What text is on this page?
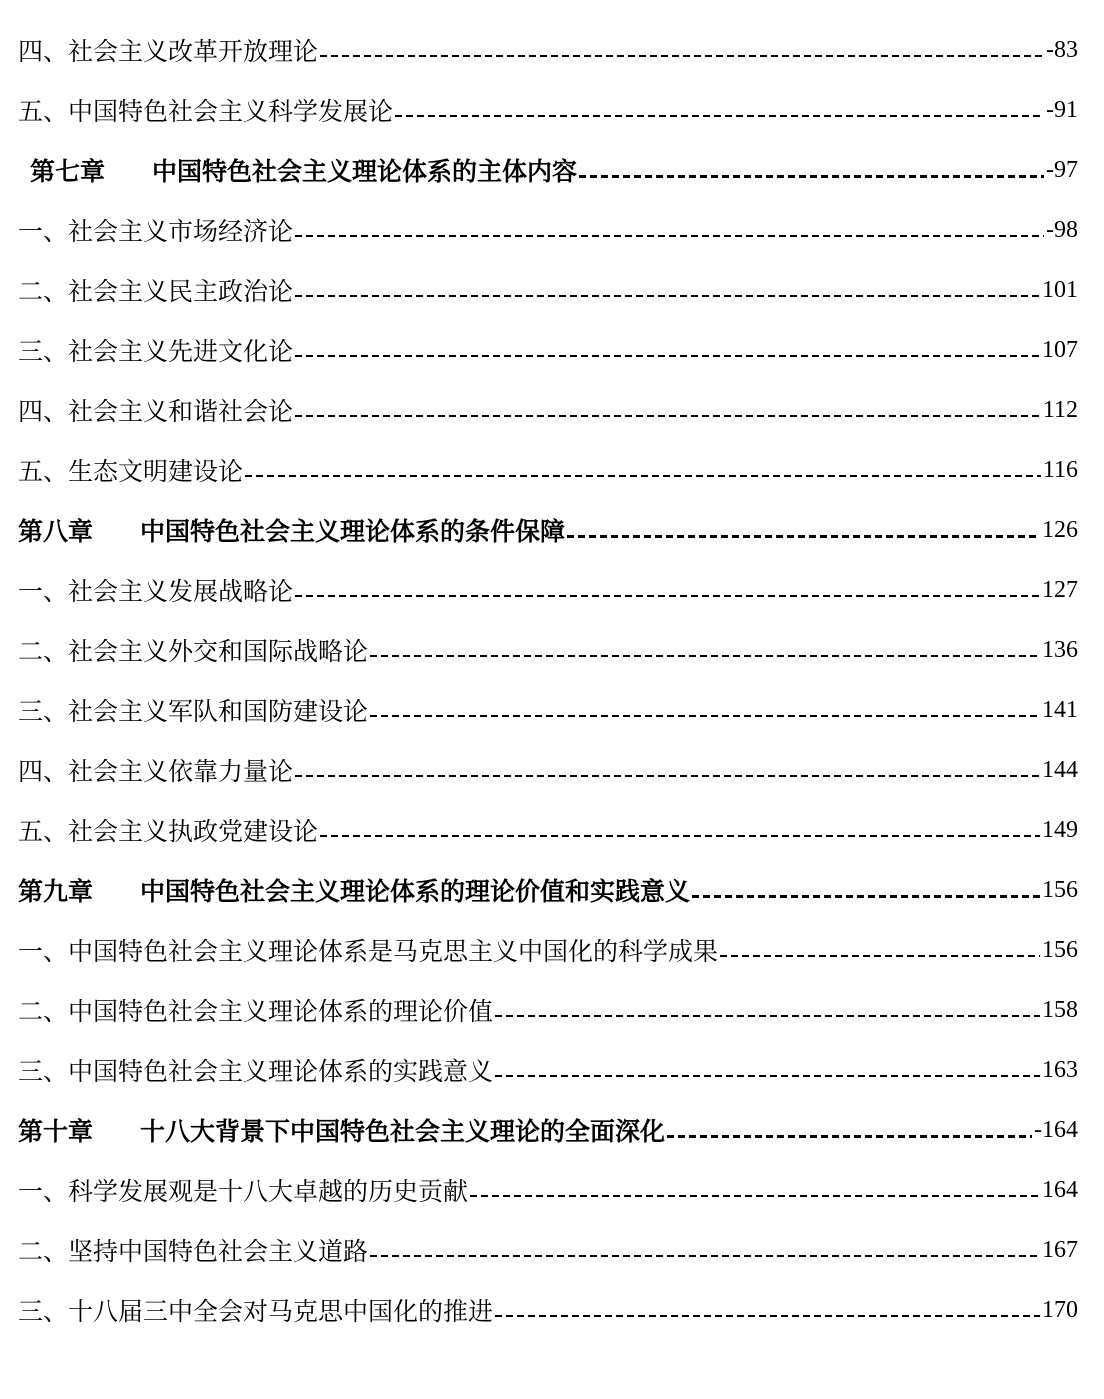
四、社会主义改革开放理论	-83
五、中国特色社会主义科学发展论	-91
第七章 中国特色社会主义理论体系的主体内容	-97
一、社会主义市场经济论	-98
二、社会主义民主政治论	101
三、社会主义先进文化论	107
四、社会主义和谐社会论	112
五、生态文明建设论	116
第八章 中国特色社会主义理论体系的条件保障	126
一、社会主义发展战略论	127
二、社会主义外交和国际战略论	136
三、社会主义军队和国防建设论	141
四、社会主义依靠力量论	144
五、社会主义执政党建设论	149
第九章 中国特色社会主义理论体系的理论价值和实践意义	156
一、中国特色社会主义理论体系是马克思主义中国化的科学成果	156
二、中国特色社会主义理论体系的理论价值	158
三、中国特色社会主义理论体系的实践意义	163
第十章 十八大背景下中国特色社会主义理论的全面深化	-164
一、科学发展观是十八大卓越的历史贡献	164
二、坚持中国特色社会主义道路	167
三、十八届三中全会对马克思中国化的推进	170
